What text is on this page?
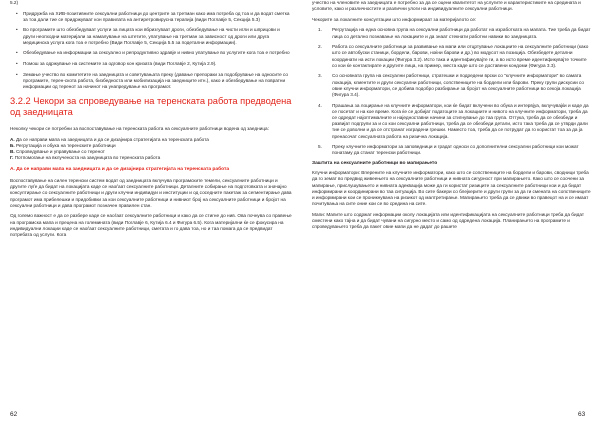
5.2)

• Придружба на ХИВ-позитивните сексуални работници до центрите за третман како има потреба од тоа и да водат сметка за тоа дали тие се придржуваат кон правилата на антиретровирусна терапија (види Поглавје 5, Секција 5.3)

• Во програмите што обезбедуваат услуги за лицата кои вбризгуваат дроги, обезбедување на чисти игли и шприцови и други неопходни материјали за намалување на штетите, упатување на третман за зависност од дроги или друга медицинска услуга кога тоа е потребно (Види Поглавје 5, Секција 5.5 за подетални информации).

• Обезбедување на информации за сексуално и репродуктивно здравје и нивно упатување во услугите кога тоа е потребно

• Помош за одржување на системите за одговор кон кризата (види Поглавје 2, Кутија 2.9).

• Земање учество во комитетите на заедницата и советувањата преку (давање препораки за подобрување на односите со програмите, терен-скота работа, бизбедноста или мобилизација на заедниците итн.), како и обезбедување на повратни информации од теренот за начинот на унапредување на програмот.

3.2.2 Чекори за спроведување на теренската работа предводена од заедницата

Неколку чекори се потребни за воспоставување на теренската работа на сексуалните работници водена од заедница:

А. Да се направи мапа на заедницата и да се дизајнира стратегијата на теренската работа

Б. Регрутација и обука на теренските работници

В. Спроведување и управување со теренот

Г. Потпомогање на вклученоста на заедницата во теренската работа

А. Да се направи мапа на заедницата и да се дизајнира стратегијата на теренската работа

Воспоставување на силен теренски систем водат од заедницата вклучува програмските темели, сексуалните работници и другите луѓе да бидат на локацијата каде се наоѓаат сексуалните работници. Деталните собирање на подготовката и значајно консултирање со сексуалните работници и други клучни индивидуи и институции и од соседните пакетаж за сегментирање дава програмот има прибелешки и придобивки за кои сексуалните работници и нивниот број на сексуалните работници и бројот на сексуални работници и дава програмот позначен правилен стан.

Од големо важност е да се разбере каде се наоѓаат сексуалните работници и како да се стигне до нив. Ова почнува со правење на програмска мапа и прецена на големината (види Поглавје 6, Кутија 6.4 и Фигура 6.5). Когa материјални ќе се фокусира на индивидуални локации каде се наоѓаат сексуалните работници, сметата и го дава тоа, но и таа помага да се предвидат потребата од услуги. Кога

учество на членовите на заедницата е потребно за да се оцени квалитетот на услугите и карактеристиките на средината и условите, како и различностите и различни улоги на индивидуалните сексуални работници.

Чекорите за локалните консултации што информираат за материјалото се:

1. Регрутација на една основна група на сексуални работници да работат на изработката на мапата. Тие треба да бидат лица со детално познавање на локациите и да знаат стекнати работни навики во заедницата.

2. Работа со сексуалните работници за развивање на мапи или отцртување локациите на сексуалните работници (како што се автобуски станици, бордели, барови, ноќни барови и др.) во модусот на позиција. Обезбедете детални координати на исти локации (Фигура 3.2). Исто така и идентификувајте ги, а во исто време идентификувајте точките со кои ќе контактирате и другите лица, на пример, места каде што се доставени кондоми (Фигура 3.3).

3. Со основната група на сексуални работници, стратешки и подредени врски со "клучните информатори" во самата локација, клиентите и други сексуални работници, сопствениците на бордели или барови. Преку групи дискусии со овие клучни информатори, се добива подобро разбирање за бројот на сексуалните работници во секоја локација (Фигура 3.4).

4. Прашања за лоцирање на клучните информатори, кои ќе бидат вклучени во обука и интервјуа, вклучувајќи и каде да се посетат и на кое време. Кога ќе се добијат податоците за локациите и нивото на клучните информатори, треба да се одредат најоптималните и наједноставни начини за стигнување до таа група. Оттука, треба да се обезбеди и развијат подгрупи за и со кои сексуални работници, треба да се обезбеди детали, исто така треба да се утврди дали тие се доволни и да се отстранат изградени грешки. Наместо тоа, треба да се потрудат да го користат тоа за да ја пренасочат сексуалната работа на ризична локација.

5. Преку клучните информатори за заповедници и градат односи со дополнителни сексуални работници кои можат понатаму да станат теренски работници.

Заштита на сексуалните работници во мапирањето

Клучни информатори: Вперените на клучните информатори, како што се сопствениците на бордели и барови, сводници треба да го земат во предвид живеењето на сексуалните работници и нивната сигурност при мапирањето. Како што се соочени за мапирање, прислушувањето и нивната адеквација може да ги користат ризиците за сексуалните работници кои и да бидат информирани и координирани во таа ситуација. Во сите бакери со блејкерите и други групи за да ги смената на сопствениците и информирани кои се проникнувана на ризикот од малтретирање. Мапирањето треба да се движи во правецот на и се имаат почитувања на сите оние кои се во средина на сите.

Мапи: Мапите што содржат информации околу локацијата или идентификацијата на сексуалните работници треба да бидат сместени како тајна и да бидат чувани на сигурно место и само од одредена локација. Планирањето на програмите и спроведувањето треба да пакет овие мапи да не дадат до рашете

62	63
